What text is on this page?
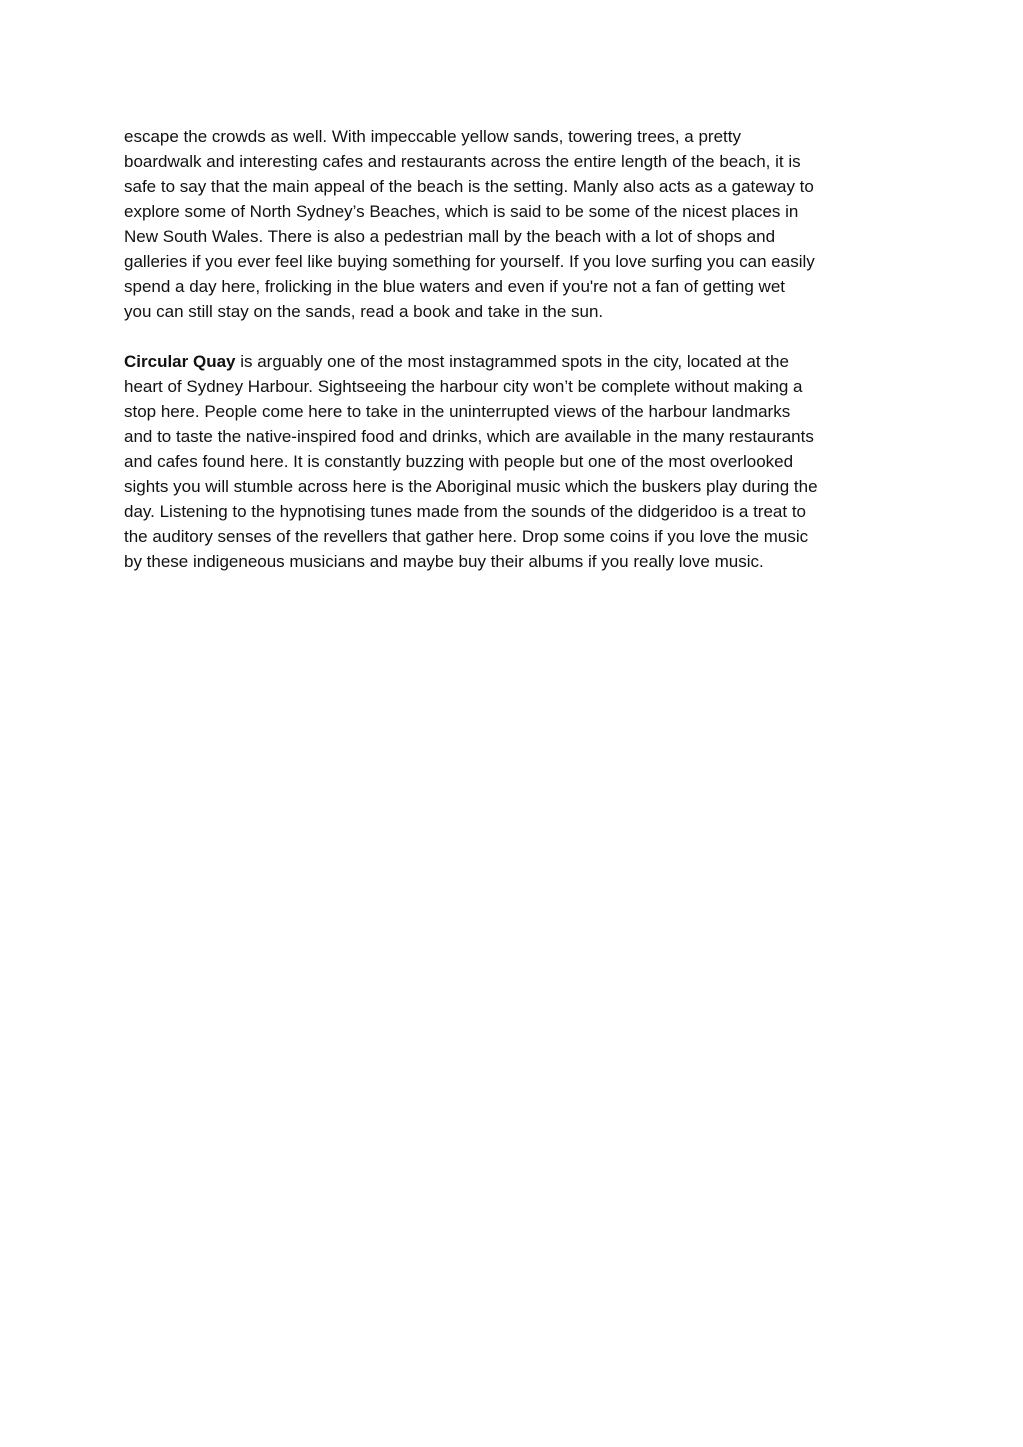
escape the crowds as well. With impeccable yellow sands, towering trees, a pretty
boardwalk and interesting cafes and restaurants across the entire length of the beach, it is
safe to say that the main appeal of the beach is the setting. Manly also acts as a gateway to
explore some of North Sydney’s Beaches, which is said to be some of the nicest places in
New South Wales. There is also a pedestrian mall by the beach with a lot of shops and
galleries if you ever feel like buying something for yourself. If you love surfing you can easily
spend a day here, frolicking in the blue waters and even if you're not a fan of getting wet
you can still stay on the sands, read a book and take in the sun.
Circular Quay is arguably one of the most instagrammed spots in the city, located at the
heart of Sydney Harbour. Sightseeing the harbour city won’t be complete without making a
stop here. People come here to take in the uninterrupted views of the harbour landmarks
and to taste the native-inspired food and drinks, which are available in the many restaurants
and cafes found here. It is constantly buzzing with people but one of the most overlooked
sights you will stumble across here is the Aboriginal music which the buskers play during the
day. Listening to the hypnotising tunes made from the sounds of the didgeridoo is a treat to
the auditory senses of the revellers that gather here. Drop some coins if you love the music
by these indigeneous musicians and maybe buy their albums if you really love music.
